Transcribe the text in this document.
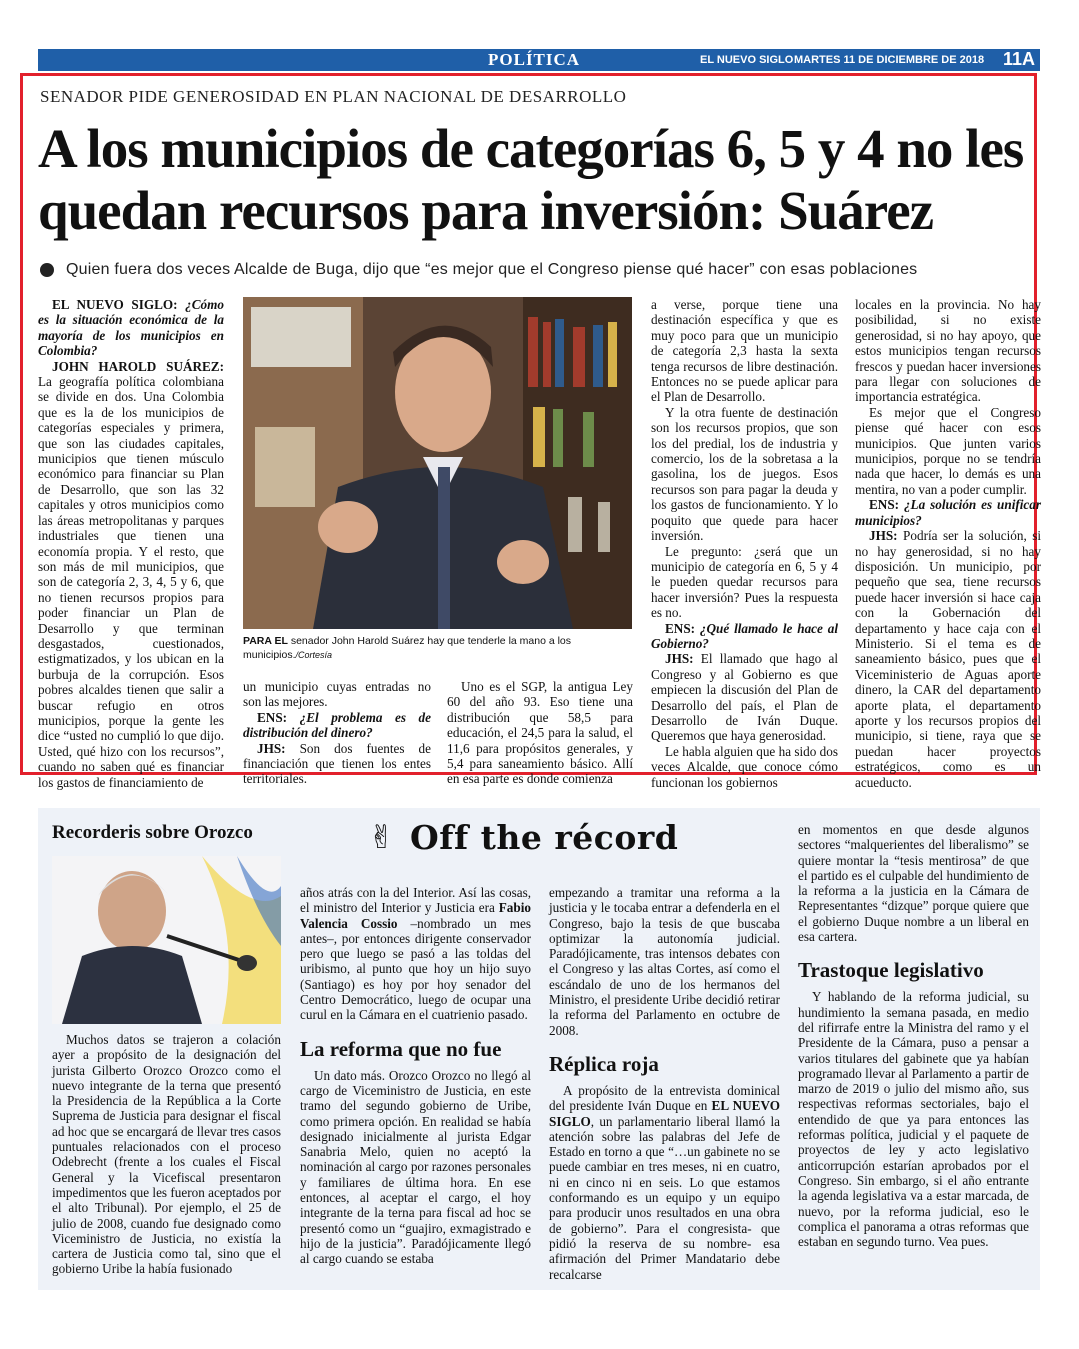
POLÍTICA	EL NUEVO SIGLO MARTES 11 DE DICIEMBRE DE 2018 11A
SENADOR PIDE GENEROSIDAD EN PLAN NACIONAL DE DESARROLLO
A los municipios de categorías 6, 5 y 4 no les quedan recursos para inversión: Suárez
Quien fuera dos veces Alcalde de Buga, dijo que “es mejor que el Congreso piense qué hacer” con esas poblaciones

EL NUEVO SIGLO: ¿Cómo es la situación económica de la mayoría de los municipios en Colombia?

JOHN HAROLD SUÁREZ: La geografía política colombiana se divide en dos. Una Colombia que es la de los municipios de categorías especiales y primera, que son las ciudades capitales, municipios que tienen músculo económico para financiar su Plan de Desarrollo, que son las 32 capitales y otros municipios como las áreas metropolitanas y parques industriales que tienen una economía propia. Y el resto, que son más de mil municipios, que son de categoría 2, 3, 4, 5 y 6, que no tienen recursos propios para poder financiar un Plan de Desarrollo y que terminan desgastados, cuestionados, estigmatizados, y los ubican en la burbuja de la corrupción. Esos pobres alcaldes tienen que salir a buscar refugio en otros municipios, porque la gente les dice “usted no cumplió lo que dijo. Usted, qué hizo con los recursos”, cuando no saben qué es financiar los gastos de financiamiento de

PARA EL senador John Harold Suárez hay que tenderle la mano a los municipios./Cortesía

un municipio cuyas entradas no son las mejores.

ENS: ¿El problema es de distribución del dinero?

JHS: Son dos fuentes de financiación que tienen los entes territoriales.

Uno es el SGP, la antigua Ley 60 del año 93. Eso tiene una distribución que 58,5 para educación, el 24,5 para la salud, el 11,6 para propósitos generales, y 5,4 para saneamiento básico. Allí en esa parte es donde comienza

a verse, porque tiene una destinación específica y que es muy poco para que un municipio de categoría 2,3 hasta la sexta tenga recursos de libre destinación. Entonces no se puede aplicar para el Plan de Desarrollo.

Y la otra fuente de destinación son los recursos propios, que son los del predial, los de industria y comercio, los de la sobretasa a la gasolina, los de juegos. Esos recursos son para pagar la deuda y los gastos de funcionamiento. Y lo poquito que quede para hacer inversión.

Le pregunto: ¿será que un municipio de categoría en 6, 5 y 4 le pueden quedar recursos para hacer inversión? Pues la respuesta es no.

ENS: ¿Qué llamado le hace al Gobierno?

JHS: El llamado que hago al Congreso y al Gobierno es que empiecen la discusión del Plan de Desarrollo del país, el Plan de Desarrollo de Iván Duque. Queremos que haya generosidad.

Le habla alguien que ha sido dos veces Alcalde, que conoce cómo funcionan los gobiernos

locales en la provincia. No hay posibilidad, si no existe generosidad, si no hay apoyo, que estos municipios tengan recursos frescos y puedan hacer inversiones para llegar con soluciones de importancia estratégica.

Es mejor que el Congreso piense qué hacer con esos municipios. Que junten varios municipios, porque no se tendría nada que hacer, lo demás es una mentira, no van a poder cumplir.

ENS: ¿La solución es unificar municipios?

JHS: Podría ser la solución, si no hay generosidad, si no hay disposición. Un municipio, por pequeño que sea, tiene recursos puede hacer inversión si hace caja con la Gobernación del departamento y hace caja con el Ministerio. Si el tema es de saneamiento básico, pues que el Viceministerio de Aguas aporte dinero, la CAR del departamento aporte plata, el departamento aporte y los recursos propios del municipio, si tiene, raya que se puedan hacer proyectos estratégicos, como es un acueducto.

Recorderis sobre Orozco

Muchos datos se trajeron a colación ayer a propósito de la designación del jurista Gilberto Orozco Orozco como el nuevo integrante de la terna que presentó la Presidencia de la República a la Corte Suprema de Justicia para designar el fiscal ad hoc que se encargará de llevar tres casos puntuales relacionados con el proceso Odebrecht (frente a los cuales el Fiscal General y la Vicefiscal presentaron impedimentos que les fueron aceptados por el alto Tribunal). Por ejemplo, el 25 de julio de 2008, cuando fue designado como Viceministro de Justicia, no existía la cartera de Justicia como tal, sino que el gobierno Uribe la había fusionado

✌ Off the récord

años atrás con la del Interior. Así las cosas, el ministro del Interior y Justicia era Fabio Valencia Cossio –nombrado un mes antes–, por entonces dirigente conservador pero que luego se pasó a las toldas del uribismo, al punto que hoy un hijo suyo (Santiago) es hoy por hoy senador del Centro Democrático, luego de ocupar una curul en la Cámara en el cuatrienio pasado.

La reforma que no fue

Un dato más. Orozco Orozco no llegó al cargo de Viceministro de Justicia, en este tramo del segundo gobierno de Uribe, como primera opción. En realidad se había designado inicialmente al jurista Edgar Sanabria Melo, quien no aceptó la nominación al cargo por razones personales y familiares de última hora. En ese entonces, al aceptar el cargo, el hoy integrante de la terna para fiscal ad hoc se presentó como un “guajiro, exmagistrado e hijo de la justicia”. Paradójicamente llegó al cargo cuando se estaba

empezando a tramitar una reforma a la justicia y le tocaba entrar a defenderla en el Congreso, bajo la tesis de que buscaba optimizar la autonomía judicial. Paradójicamente, tras intensos debates con el Congreso y las altas Cortes, así como el escándalo de uno de los hermanos del Ministro, el presidente Uribe decidió retirar la reforma del Parlamento en octubre de 2008.

Réplica roja

A propósito de la entrevista dominical del presidente Iván Duque en EL NUEVO SIGLO, un parlamentario liberal llamó la atención sobre las palabras del Jefe de Estado en torno a que “…un gabinete no se puede cambiar en tres meses, ni en cuatro, ni en cinco ni en seis. Lo que estamos conformando es un equipo y un equipo para producir unos resultados en una obra de gobierno”. Para el congresista- que pidió la reserva de su nombre- esa afirmación del Primer Mandatario debe recalcarse

en momentos en que desde algunos sectores “malquerientes del liberalismo” se quiere montar la “tesis mentirosa” de que el partido es el culpable del hundimiento de la reforma a la justicia en la Cámara de Representantes “dizque” porque quiere que el gobierno Duque nombre a un liberal en esa cartera.

Trastoque legislativo

Y hablando de la reforma judicial, su hundimiento la semana pasada, en medio del rifirrafe entre la Ministra del ramo y el Presidente de la Cámara, puso a pensar a varios titulares del gabinete que ya habían programado llevar al Parlamento a partir de marzo de 2019 o julio del mismo año, sus respectivas reformas sectoriales, bajo el entendido de que ya para entonces las reformas política, judicial y el paquete de proyectos de ley y acto legislativo anticorrupción estarían aprobados por el Congreso. Sin embargo, si el año entrante la agenda legislativa va a estar marcada, de nuevo, por la reforma judicial, eso le complica el panorama a otras reformas que estaban en segundo turno. Vea pues.
